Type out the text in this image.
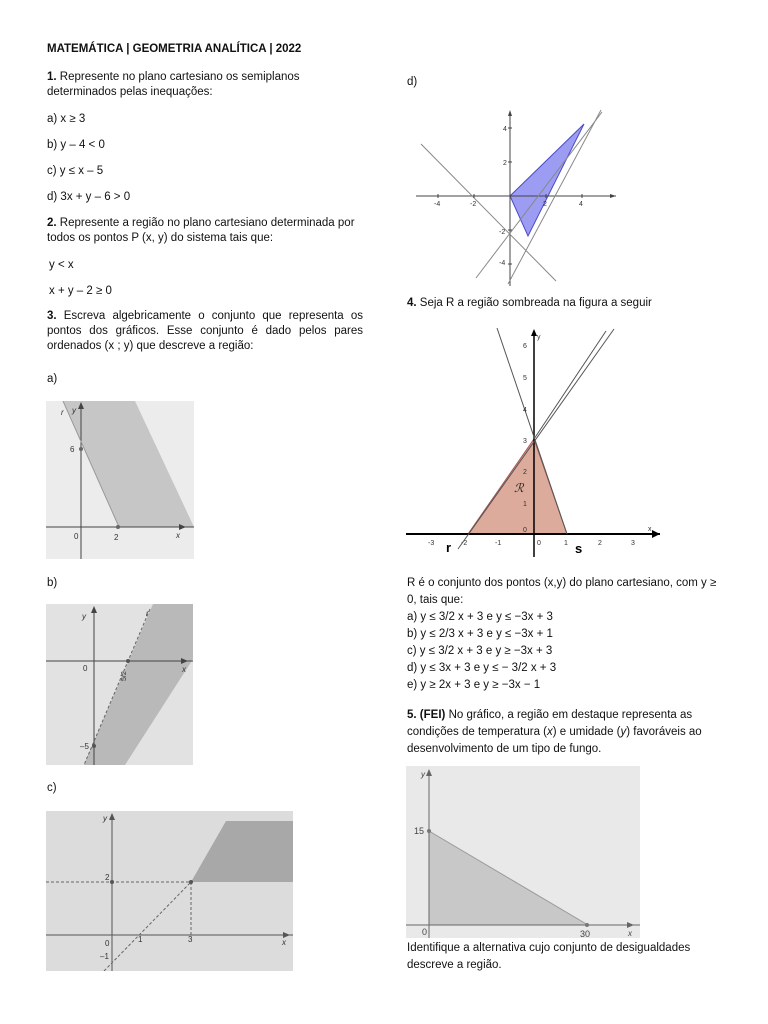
MATEMÁTICA | GEOMETRIA ANALÍTICA | 2022
1. Represente no plano cartesiano os semiplanos determinados pelas inequações:
a) x ≥ 3
b) y – 4 < 0
c) y ≤ x – 5
d) 3x + y – 6 > 0
2. Represente a região no plano cartesiano determinada por todos os pontos P (x, y) do sistema tais que:
y < x
x + y – 2 ≥ 0
3. Escreva algebricamente o conjunto que representa os pontos dos gráficos. Esse conjunto é dado pelos pares ordenados (x ; y) que descreve a região:
a)
r y
x
6
0	2
b)
r
y
x
0
5/2
–5
c)
y
x
2
0	1	3
–1
d)
-4	-2	2	4
4
2
-2
-4
4. Seja R a região sombreada na figura a seguir
-3	-2	-1	0	1	2	3
6
5
4
3
2
1
0
ℛ
r	s
x
y
R é o conjunto dos pontos (x,y) do plano cartesiano, com y ≥ 0, tais que:
a) y ≤ 3/2 x + 3 e y ≤ −3x + 3
b) y ≤ 2/3 x + 3 e y ≤ −3x + 1
c) y ≤ 3/2 x + 3 e y ≥ −3x + 3
d) y ≤ 3x + 3 e y ≤ − 3/2 x + 3
e) y ≥ 2x + 3 e y ≥ −3x − 1
5. (FEI) No gráfico, a região em destaque representa as condições de temperatura (x) e umidade (y) favoráveis ao desenvolvimento de um tipo de fungo.
y
x
15
0	30
Identifique a alternativa cujo conjunto de desigualdades descreve a região.
